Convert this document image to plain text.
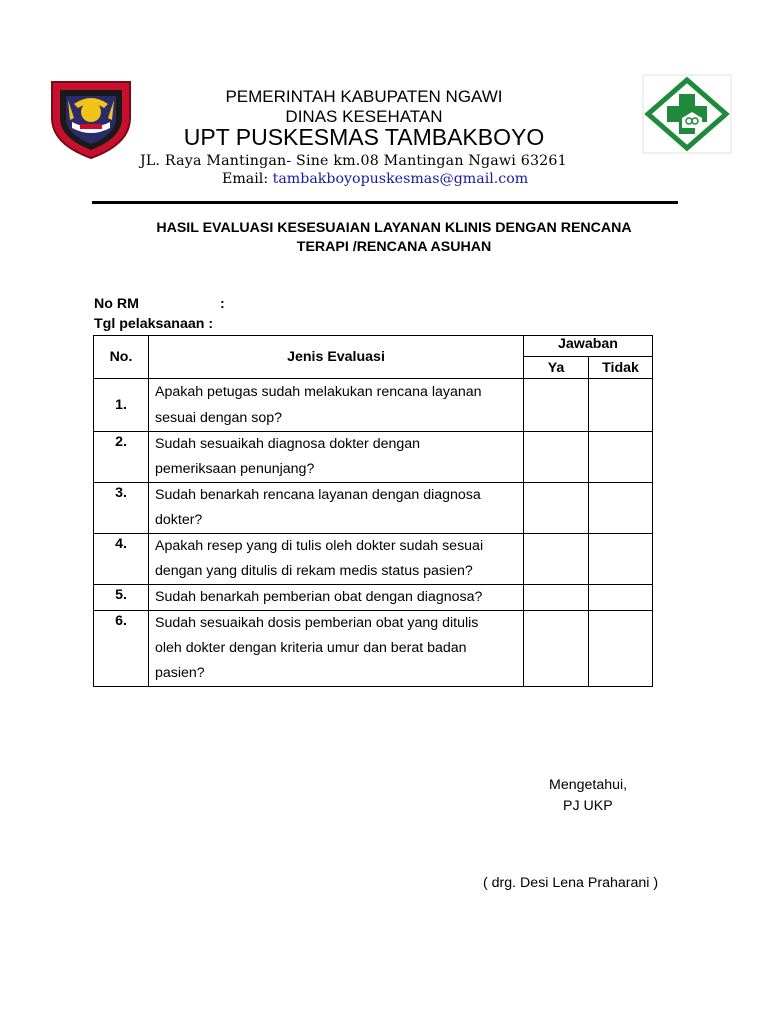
PEMERINTAH KABUPATEN NGAWI
DINAS KESEHATAN
UPT PUSKESMAS TAMBAKBOYO
JL. Raya Mantingan- Sine km.08 Mantingan Ngawi 63261
Email: tambakboyopuskesmas@gmail.com
HASIL EVALUASI KESESUAIAN LAYANAN KLINIS DENGAN RENCANA
TERAPI /RENCANA ASUHAN
No RM	:
Tgl pelaksanaan :
No.	Jenis Evaluasi	Jawaban	
		Ya	Tidak
1.	Apakah petugas sudah melakukan rencana layanan
sesuai dengan sop?		

2.	Sudah sesuaikah diagnosa dokter dengan
pemeriksaan penunjang?		

3.	Sudah benarkah rencana layanan dengan diagnosa
dokter?		

4.	Apakah resep yang di tulis oleh dokter sudah sesuai
dengan yang ditulis di rekam medis status pasien?		

5.	Sudah benarkah pemberian obat dengan diagnosa?		

6.	Sudah sesuaikah dosis pemberian obat yang ditulis
oleh dokter dengan kriteria umur dan berat badan
pasien?		

Mengetahui,
PJ UKP
( drg. Desi Lena Praharani )
